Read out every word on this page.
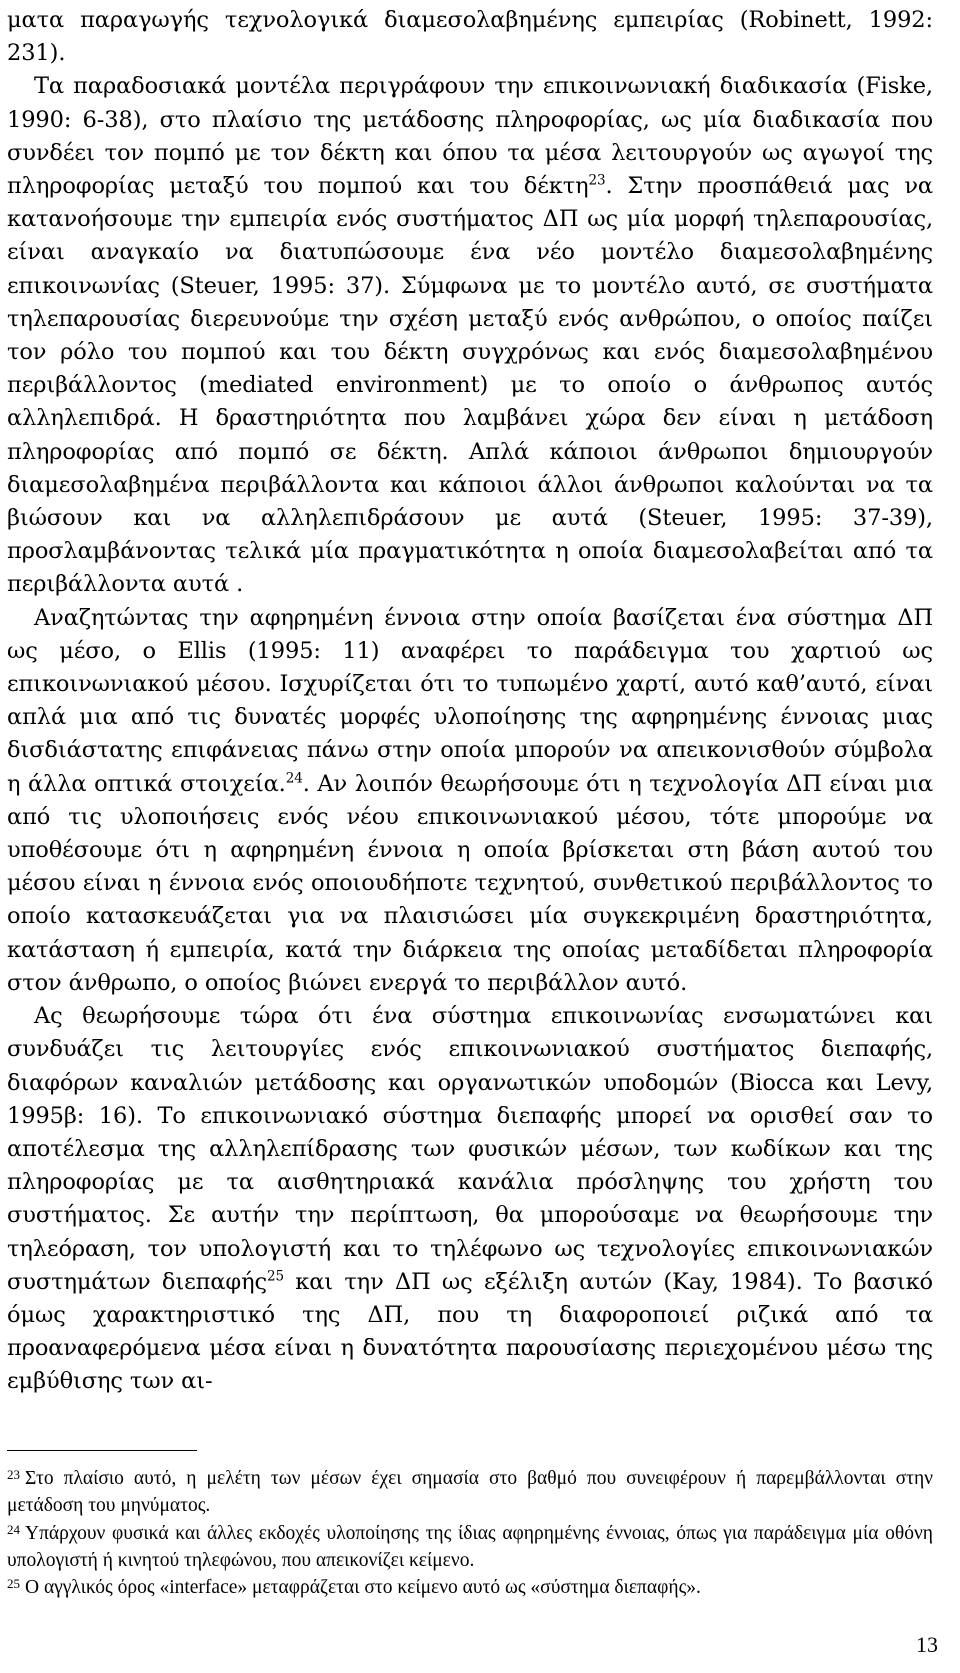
ματα παραγωγής τεχνολογικά διαμεσολαβημένης εμπειρίας (Robinett, 1992: 231).

Τα παραδοσιακά μοντέλα περιγράφουν την επικοινωνιακή διαδικασία (Fiske, 1990: 6-38), στο πλαίσιο της μετάδοσης πληροφορίας, ως μία διαδικασία που συνδέει τον πομπό με τον δέκτη και όπου τα μέσα λειτουργούν ως αγωγοί της πληροφορίας μεταξύ του πομπού και του δέκτη$^{23}$. Στην προσπάθειά μας να κατανοήσουμε την εμπειρία ενός συστήματος ΔΠ ως μία μορφή τηλεπαρουσίας, είναι αναγκαίο να διατυπώσουμε ένα νέο μοντέλο διαμεσολαβημένης επικοινωνίας (Steuer, 1995: 37). Σύμφωνα με το μοντέλο αυτό, σε συστήματα τηλεπαρουσίας διερευνούμε την σχέση μεταξύ ενός ανθρώπου, ο οποίος παίζει τον ρόλο του πομπού και του δέκτη συγχρόνως και ενός διαμεσολαβημένου περιβάλλοντος (mediated environment) με το οποίο ο άνθρωπος αυτός αλληλεπιδρά. Η δραστηριότητα που λαμβάνει χώρα δεν είναι η μετάδοση πληροφορίας από πομπό σε δέκτη. Απλά κάποιοι άνθρωποι δημιουργούν διαμεσολαβημένα περιβάλλοντα και κάποιοι άλλοι άνθρωποι καλούνται να τα βιώσουν και να αλληλεπιδράσουν με αυτά (Steuer, 1995: 37-39), προσλαμβάνοντας τελικά μία πραγματικότητα η οποία διαμεσολαβείται από τα περιβάλλοντα αυτά .

Αναζητώντας την αφηρημένη έννοια στην οποία βασίζεται ένα σύστημα ΔΠ ως μέσο, ο Ellis (1995: 11) αναφέρει το παράδειγμα του χαρτιού ως επικοινωνιακού μέσου. Ισχυρίζεται ότι το τυπωμένο χαρτί, αυτό καθ’αυτό, είναι απλά μια από τις δυνατές μορφές υλοποίησης της αφηρημένης έννοιας μιας δισδιάστατης επιφάνειας πάνω στην οποία μπορούν να απεικονισθούν σύμβολα η άλλα οπτικά στοιχεία.$^{24}$. Αν λοιπόν θεωρήσουμε ότι η τεχνολογία ΔΠ είναι μια από τις υλοποιήσεις ενός νέου επικοινωνιακού μέσου, τότε μπορούμε να υποθέσουμε ότι η αφηρημένη έννοια η οποία βρίσκεται στη βάση αυτού του μέσου είναι η έννοια ενός οποιουδήποτε τεχνητού, συνθετικού περιβάλλοντος το οποίο κατασκευάζεται για να πλαισιώσει μία συγκεκριμένη δραστηριότητα, κατάσταση ή εμπειρία, κατά την διάρκεια της οποίας μεταδίδεται πληροφορία στον άνθρωπο, ο οποίος βιώνει ενεργά το περιβάλλον αυτό.

Ας θεωρήσουμε τώρα ότι ένα σύστημα επικοινωνίας ενσωματώνει και συνδυάζει τις λειτουργίες ενός επικοινωνιακού συστήματος διεπαφής, διαφόρων καναλιών μετάδοσης και οργανωτικών υποδομών (Biocca και Levy, 1995β: 16). Το επικοινωνιακό σύστημα διεπαφής μπορεί να ορισθεί σαν το αποτέλεσμα της αλληλεπίδρασης των φυσικών μέσων, των κωδίκων και της πληροφορίας με τα αισθητηριακά κανάλια πρόσληψης του χρήστη του συστήματος. Σε αυτήν την περίπτωση, θα μπορούσαμε να θεωρήσουμε την τηλεόραση, τον υπολογιστή και το τηλέφωνο ως τεχνολογίες επικοινωνιακών συστημάτων διεπαφής$^{25}$ και την ΔΠ ως εξέλιξη αυτών (Kay, 1984). Το βασικό όμως χαρακτηριστικό της ΔΠ, που τη διαφοροποιεί ριζικά από τα προαναφερόμενα μέσα είναι η δυνατότητα παρουσίασης περιεχομένου μέσω της εμβύθισης των αι-

$^{23}$ Στο πλαίσιο αυτό, η μελέτη των μέσων έχει σημασία στο βαθμό που συνειφέρουν ή παρεμβάλλονται στην μετάδοση του μηνύματος.

$^{24}$ Υπάρχουν φυσικά και άλλες εκδοχές υλοποίησης της ίδιας αφηρημένης έννοιας, όπως για παράδειγμα μία οθόνη υπολογιστή ή κινητού τηλεφώνου, που απεικονίζει κείμενο.

$^{25}$ Ο αγγλικός όρος «interface» μεταφράζεται στο κείμενο αυτό ως «σύστημα διεπαφής».

13
